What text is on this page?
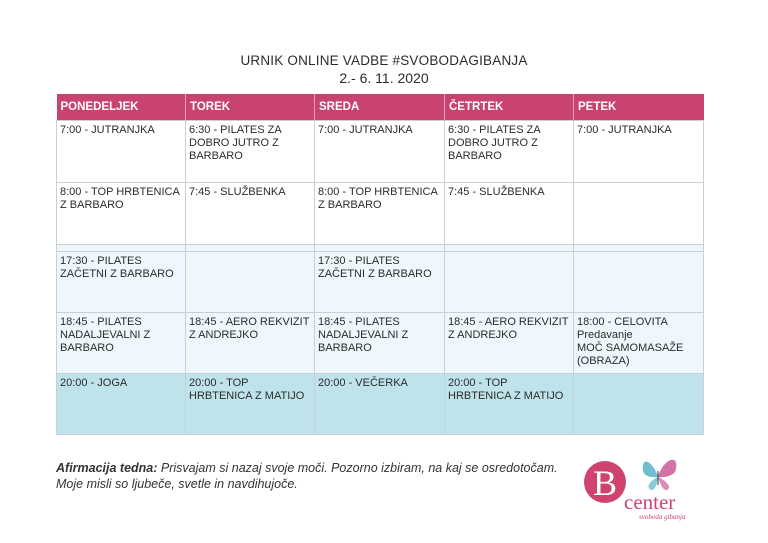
URNIK ONLINE VADBE #SVOBODAGIBANJA
2.- 6. 11. 2020
PONEDELJEK	TOREK	SREDA	ČETRTEK	PETEK
7:00 - JUTRANJKA	6:30 - PILATES ZA DOBRO JUTRO Z BARBARO	7:00 - JUTRANJKA	6:30 - PILATES ZA DOBRO JUTRO Z BARBARO	7:00 - JUTRANJKA
8:00 - TOP HRBTENICA Z BARBARO	7:45 - SLUŽBENKA	8:00 - TOP HRBTENICA Z BARBARO	7:45 - SLUŽBENKA	

17:30 - PILATES ZAČETNI Z BARBARO		17:30 - PILATES ZAČETNI Z BARBARO		
18:45 - PILATES NADALJEVALNI Z BARBARO	18:45 - AERO REKVIZIT Z ANDREJKO	18:45 - PILATES NADALJEVALNI Z BARBARO	18:45 - AERO REKVIZIT Z ANDREJKO	18:00 - CELOVITA
Predavanje
MOČ SAMOMASAŽE (OBRAZA)
20:00 - JOGA	20:00 - TOP HRBTENICA Z MATIJO	20:00 - VEČERKA	20:00 - TOP HRBTENICA Z MATIJO	
Afirmacija tedna: Prisvajam si nazaj svoje moči. Pozorno izbiram, na kaj se osredotočam. Moje misli so ljubeče, svetle in navdihujoče.	B center
svoboda gibanja
